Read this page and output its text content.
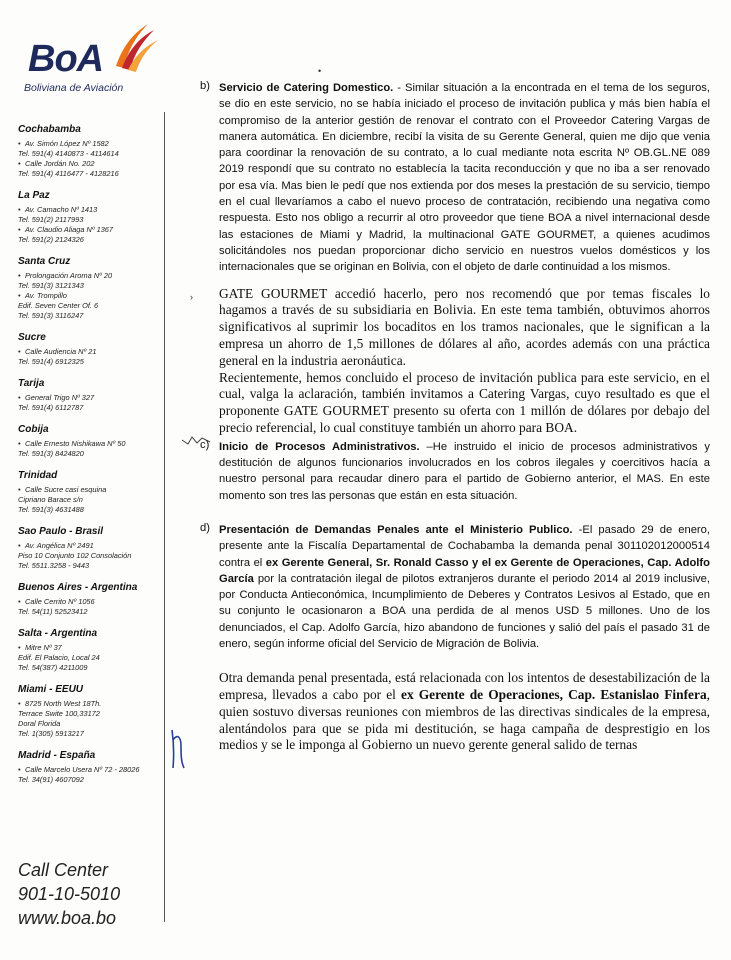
BoA
Boliviana de Aviación
Cochabamba
• Av. Simón López Nº 1582
Tel. 591(4) 4140873 - 4114614
• Calle Jordán No. 202
Tel. 591(4) 4116477 - 4128216
La Paz
• Av. Camacho Nº 1413
Tel. 591(2) 2117993
• Av. Claudio Aliaga Nº 1367
Tel. 591(2) 2124326
Santa Cruz
• Prolongación Aroma Nº 20
Tel. 591(3) 3121343
• Av. Trompillo
Edif. Seven Center Of. 6
Tel. 591(3) 3116247
Sucre
• Calle Audiencia Nº 21
Tel. 591(4) 6912325
Tarija
• General Trigo Nº 327
Tel. 591(4) 6112787
Cobija
• Calle Ernesto Nishikawa Nº 50
Tel. 591(3) 8424820
Trinidad
• Calle Sucre casi esquina
Cipriano Barace s/n
Tel. 591(3) 4631488
Sao Paulo - Brasil
• Av. Angélica Nº 2491
Piso 10 Conjunto 102 Consolación
Tel. 5511.3258 - 9443
Buenos Aires - Argentina
• Calle Cerrito Nº 1056
Tel. 54(11) 52523412
Salta - Argentina
• Mitre Nº 37
Edif. El Palacio, Local 24
Tel. 54(387) 4211009
Miami - EEUU
• 8725 North West 18Th.
Terrace Swite 100,33172
Doral Florida
Tel. 1(305) 5913217
Madrid - España
• Calle Marcelo Usera Nº 72 - 28026
Tel. 34(91) 4607092
Call Center
901-10-5010
www.boa.bo
•
›
b) Servicio de Catering Domestico. - Similar situación a la encontrada en el tema de los seguros, se dio en este servicio, no se había iniciado el proceso de invitación publica y más bien había el compromiso de la anterior gestión de renovar el contrato con el Proveedor Catering Vargas de manera automática. En diciembre, recibí la visita de su Gerente General, quien me dijo que venia para coordinar la renovación de su contrato, a lo cual mediante nota escrita Nº OB.GL.NE 089 2019 respondí que su contrato no establecía la tacita reconducción y que no iba a ser renovado por esa vía. Mas bien le pedí que nos extienda por dos meses la prestación de su servicio, tiempo en el cual llevaríamos a cabo el nuevo proceso de contratación, recibiendo una negativa como respuesta. Esto nos obligo a recurrir al otro proveedor que tiene BOA a nivel internacional desde las estaciones de Miami y Madrid, la multinacional GATE GOURMET, a quienes acudimos solicitándoles nos puedan proporcionar dicho servicio en nuestros vuelos domésticos y los internacionales que se originan en Bolivia, con el objeto de darle continuidad a los mismos.

GATE GOURMET accedió hacerlo, pero nos recomendó que por temas fiscales lo hagamos a través de su subsidiaria en Bolivia. En este tema también, obtuvimos ahorros significativos al suprimir los bocaditos en los tramos nacionales, que le significan a la empresa un ahorro de 1,5 millones de dólares al año, acordes además con una práctica general en la industria aeronáutica.

Recientemente, hemos concluido el proceso de invitación publica para este servicio, en el cual, valga la aclaración, también invitamos a Catering Vargas, cuyo resultado es que el proponente GATE GOURMET presento su oferta con 1 millón de dólares por debajo del precio referencial, lo cual constituye también un ahorro para BOA.

c) Inicio de Procesos Administrativos. –He instruido el inicio de procesos administrativos y destitución de algunos funcionarios involucrados en los cobros ilegales y coercitivos hacía a nuestro personal para recaudar dinero para el partido de Gobierno anterior, el MAS. En este momento son tres las personas que están en esta situación.

d) Presentación de Demandas Penales ante el Ministerio Publico. -El pasado 29 de enero, presente ante la Fiscalía Departamental de Cochabamba la demanda penal 301102012000514 contra el ex Gerente General, Sr. Ronald Casso y el ex Gerente de Operaciones, Cap. Adolfo García por la contratación ilegal de pilotos extranjeros durante el periodo 2014 al 2019 inclusive, por Conducta Antieconómica, Incumplimiento de Deberes y Contratos Lesivos al Estado, que en su conjunto le ocasionaron a BOA una perdida de al menos USD 5 millones. Uno de los denunciados, el Cap. Adolfo García, hizo abandono de funciones y salió del país el pasado 31 de enero, según informe oficial del Servicio de Migración de Bolivia.

Otra demanda penal presentada, está relacionada con los intentos de desestabilización de la empresa, llevados a cabo por el ex Gerente de Operaciones, Cap. Estanislao Finfera, quien sostuvo diversas reuniones con miembros de las directivas sindicales de la empresa, alentándolos para que se pida mi destitución, se haga campaña de desprestigio en los medios y se le imponga al Gobierno un nuevo gerente general salido de ternas
